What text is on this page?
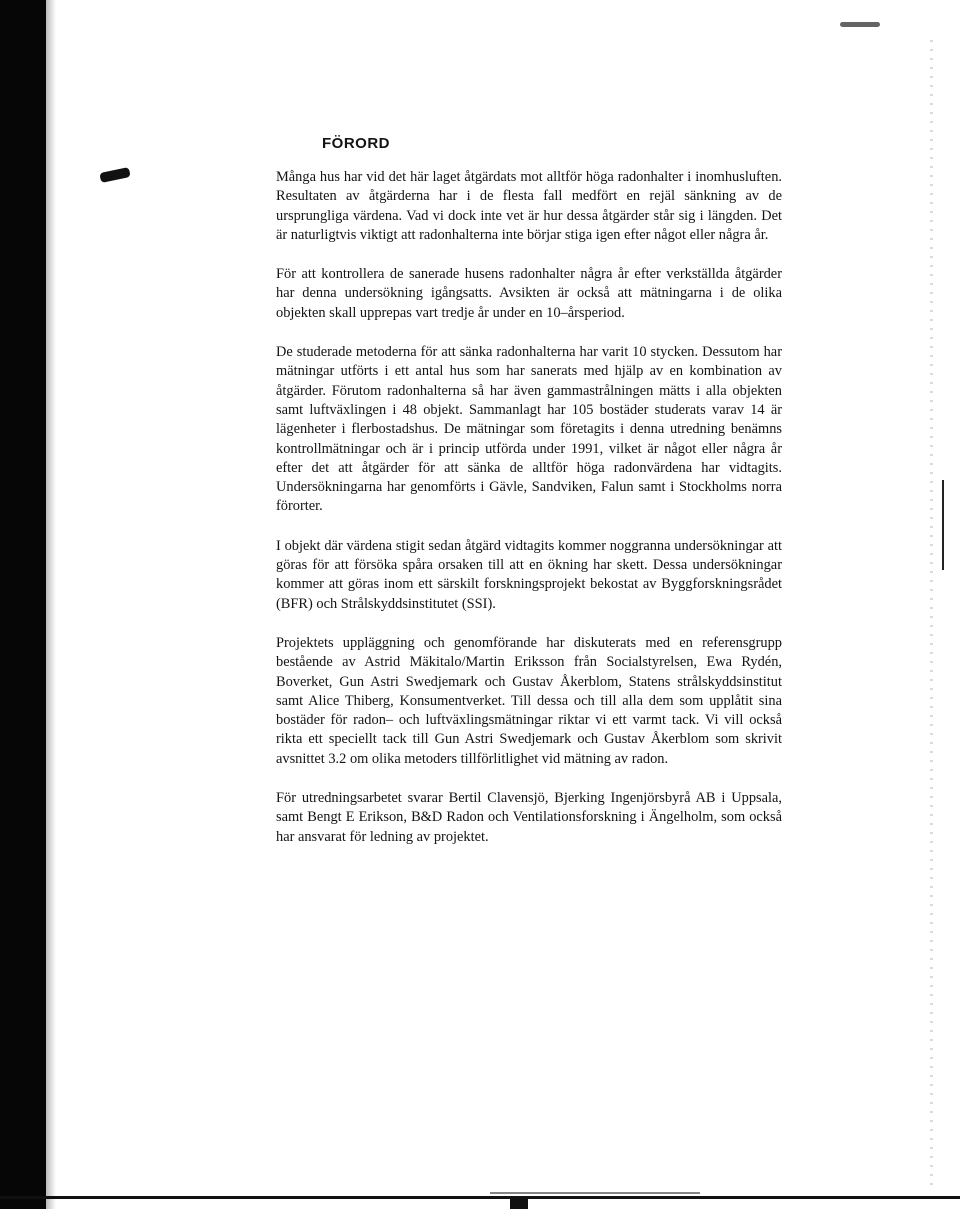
FÖRORD

Många hus har vid det här laget åtgärdats mot alltför höga radonhalter i inomhusluften. Resultaten av åtgärderna har i de flesta fall medfört en rejäl sänkning av de ursprungliga värdena. Vad vi dock inte vet är hur dessa åtgärder står sig i längden. Det är naturligtvis viktigt att radonhalterna inte börjar stiga igen efter något eller några år.

För att kontrollera de sanerade husens radonhalter några år efter verkställda åtgärder har denna undersökning igångsatts. Avsikten är också att mätningarna i de olika objekten skall upprepas vart tredje år under en 10–årsperiod.

De studerade metoderna för att sänka radonhalterna har varit 10 stycken. Dessutom har mätningar utförts i ett antal hus som har sanerats med hjälp av en kombination av åtgärder. Förutom radonhalterna så har även gammastrålningen mätts i alla objekten samt luftväxlingen i 48 objekt. Sammanlagt har 105 bostäder studerats varav 14 är lägenheter i flerbostadshus. De mätningar som företagits i denna utredning benämns kontrollmätningar och är i princip utförda under 1991, vilket är något eller några år efter det att åtgärder för att sänka de alltför höga radonvärdena har vidtagits. Undersökningarna har genomförts i Gävle, Sandviken, Falun samt i Stockholms norra förorter.

I objekt där värdena stigit sedan åtgärd vidtagits kommer noggranna undersökningar att göras för att försöka spåra orsaken till att en ökning har skett. Dessa undersökningar kommer att göras inom ett särskilt forskningsprojekt bekostat av Byggforskningsrådet (BFR) och Strålskyddsinstitutet (SSI).

Projektets uppläggning och genomförande har diskuterats med en referensgrupp bestående av Astrid Mäkitalo/Martin Eriksson från Socialstyrelsen, Ewa Rydén, Boverket, Gun Astri Swedjemark och Gustav Åkerblom, Statens strålskyddsinstitut samt Alice Thiberg, Konsumentverket. Till dessa och till alla dem som upplåtit sina bostäder för radon– och luftväxlingsmätningar riktar vi ett varmt tack. Vi vill också rikta ett speciellt tack till Gun Astri Swedjemark och Gustav Åkerblom som skrivit avsnittet 3.2 om olika metoders tillförlitlighet vid mätning av radon.

För utredningsarbetet svarar Bertil Clavensjö, Bjerking Ingenjörsbyrå AB i Uppsala, samt Bengt E Erikson, B&D Radon och Ventilationsforskning i Ängelholm, som också har ansvarat för ledning av projektet.
